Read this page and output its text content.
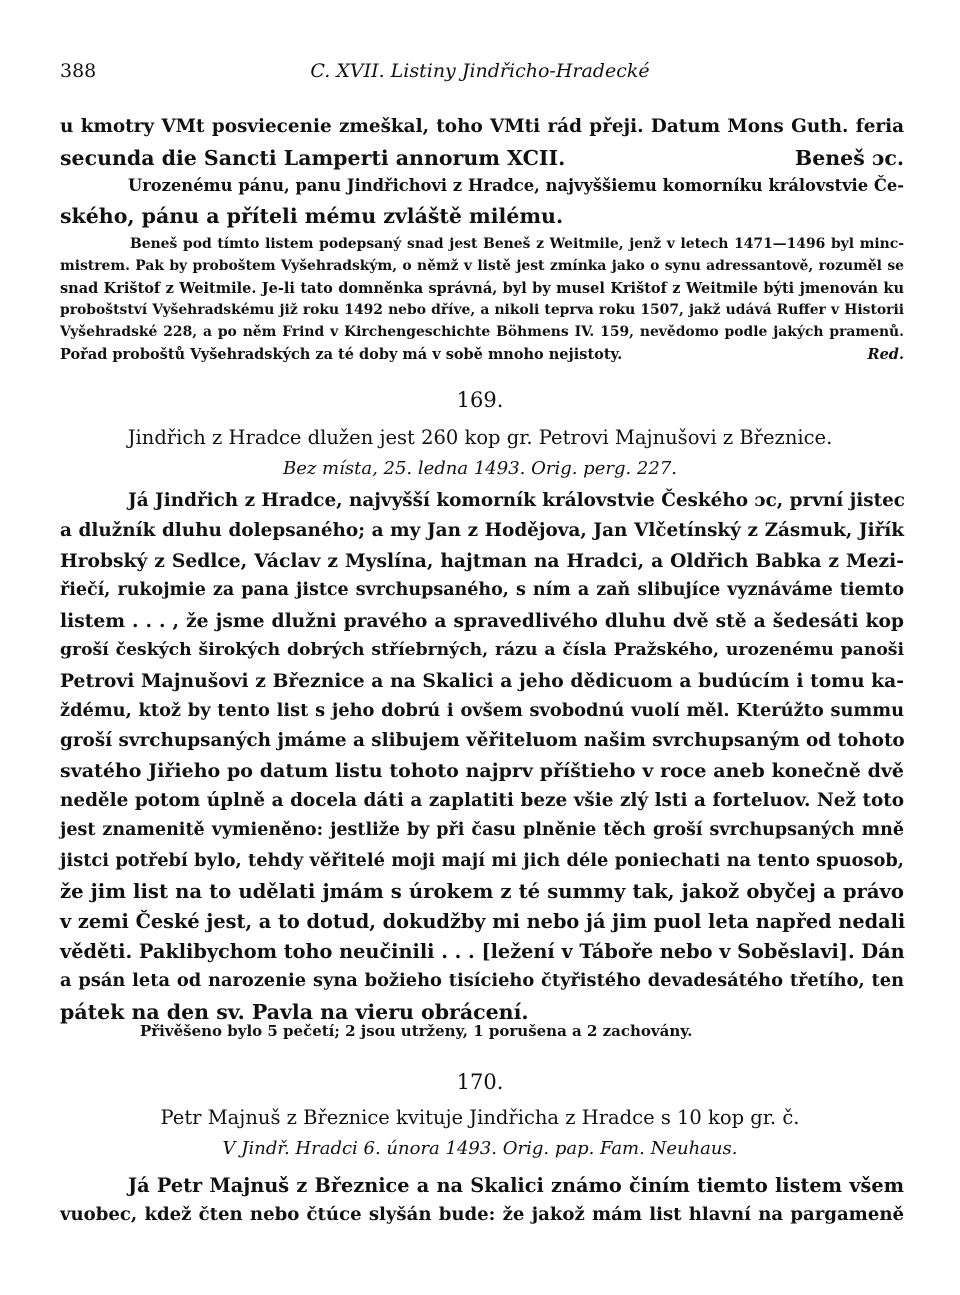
388	C. XVII. Listiny Jindřicho-Hradecké
u kmotry VMt posviecenie zmeškal, toho VMti rád přeji. Datum Mons Guth. feria
secunda die Sancti Lamperti annorum XCII.	Beneš ɔc.
Urozenému pánu, panu Jindřichovi z Hradce, najvyššiemu komorníku královstvie Če-
ského, pánu a příteli mému zvláště milému.
Beneš pod tímto listem podepsaný snad jest Beneš z Weitmile, jenž v letech 1471—1496 byl minc-
mistrem. Pak by proboštem Vyšehradským, o němž v listě jest zmínka jako o synu adressantově, rozuměl se
snad Krištof z Weitmile. Je-li tato domněnka správná, byl by musel Krištof z Weitmile býti jmenován ku
proboštství Vyšehradskému již roku 1492 nebo dříve, a nikoli teprva roku 1507, jakž udává Ruffer v Historii
Vyšehradské 228, a po něm Frind v Kirchengeschichte Böhmens IV. 159, nevědomo podle jakých pramenů.
Pořad proboštů Vyšehradských za té doby má v sobě mnoho nejistoty.	Red.
169.
Jindřich z Hradce dlužen jest 260 kop gr. Petrovi Majnušovi z Březnice.
Bez místa, 25. ledna 1493. Orig. perg. 227.
Já Jindřich z Hradce, najvyšší komorník královstvie Českého ɔc, první jistec
a dlužník dluhu dolepsaného; a my Jan z Hodějova, Jan Vlčetínský z Zásmuk, Jiřík
Hrobský z Sedlce, Václav z Myslína, hajtman na Hradci, a Oldřich Babka z Mezi-
řiečí, rukojmie za pana jistce svrchupsaného, s ním a zaň slibujíce vyznáváme tiemto
listem . . . , že jsme dlužni pravého a spravedlivého dluhu dvě stě a šedesáti kop
groší českých širokých dobrých stříebrných, rázu a čísla Pražského, urozenému panoši
Petrovi Majnušovi z Březnice a na Skalici a jeho dědicuom a budúcím i tomu ka-
ždému, ktož by tento list s jeho dobrú i ovšem svobodnú vuolí měl. Kterúžto summu
groší svrchupsaných jmáme a slibujem věřiteluom našim svrchupsaným od tohoto
svatého Jiřieho po datum listu tohoto najprv příštieho v roce aneb konečně dvě
neděle potom úplně a docela dáti a zaplatiti beze všie zlý lsti a forteluov. Než toto
jest znamenitě vymieněno: jestliže by při času plněnie těch groší svrchupsaných mně
jistci potřebí bylo, tehdy věřitelé moji mají mi jich déle poniechati na tento spuosob,
že jim list na to udělati jmám s úrokem z té summy tak, jakož obyčej a právo
v zemi České jest, a to dotud, dokudžby mi nebo já jim puol leta napřed nedali
věděti. Paklibychom toho neučinili . . . [ležení v Táboře nebo v Soběslavi]. Dán
a psán leta od narozenie syna božieho tisícieho čtyřistého devadesátého třetího, ten
pátek na den sv. Pavla na vieru obrácení.
Přivěšeno bylo 5 pečetí; 2 jsou utrženy, 1 porušena a 2 zachovány.
170.
Petr Majnuš z Březnice kvituje Jindřicha z Hradce s 10 kop gr. č.
V Jindř. Hradci 6. února 1493. Orig. pap. Fam. Neuhaus.
Já Petr Majnuš z Březnice a na Skalici známo činím tiemto listem všem
vuobec, kdež čten nebo čtúce slyšán bude: že jakož mám list hlavní na pargameně
